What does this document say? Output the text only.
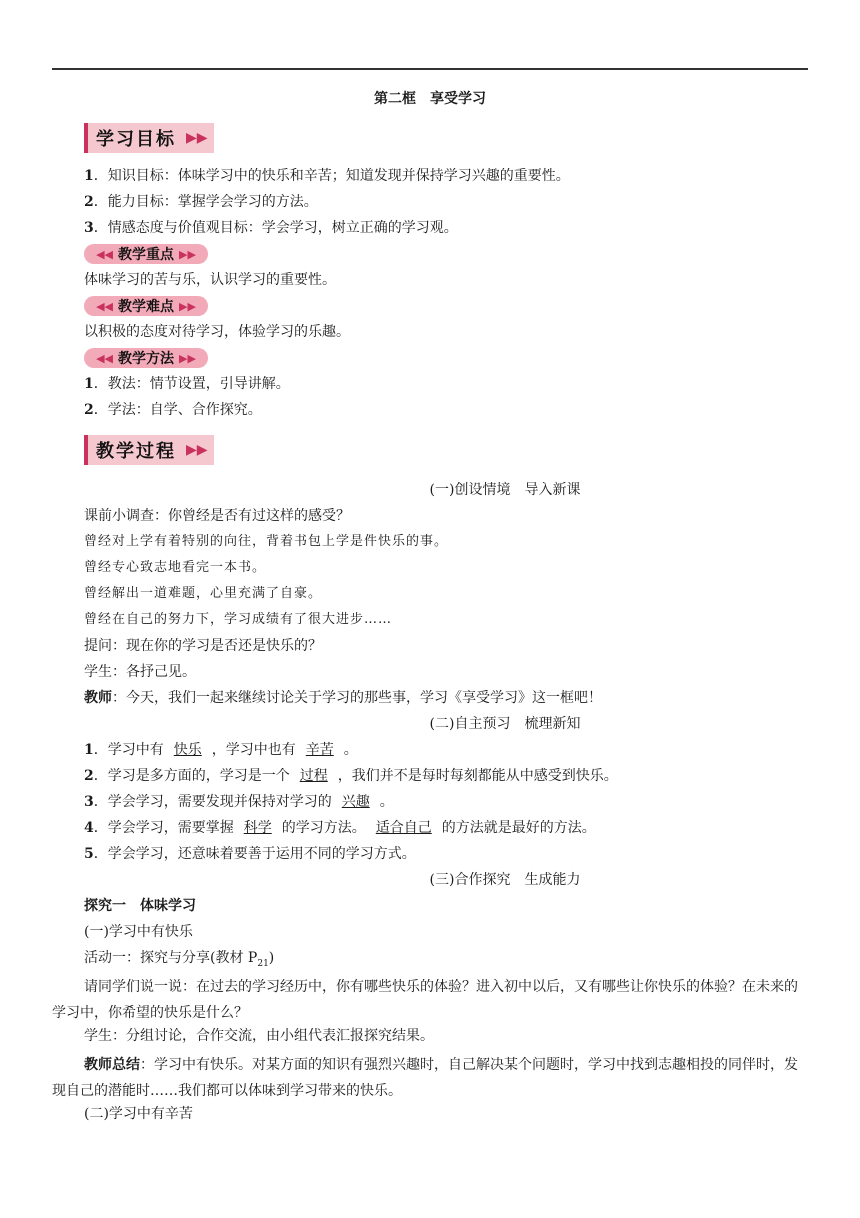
第二框　享受学习
学习目标 ▶▶
1．知识目标：体味学习中的快乐和辛苦；知道发现并保持学习兴趣的重要性。
2．能力目标：掌握学会学习的方法。
3．情感态度与价值观目标：学会学习，树立正确的学习观。
◀◀ 教学重点 ▶▶
体味学习的苦与乐，认识学习的重要性。
◀◀ 教学难点 ▶▶
以积极的态度对待学习，体验学习的乐趣。
◀◀ 教学方法 ▶▶
1．教法：情节设置，引导讲解。
2．学法：自学、合作探究。
教学过程 ▶▶
(一)创设情境　导入新课
课前小调查：你曾经是否有过这样的感受？
曾经对上学有着特别的向往，背着书包上学是件快乐的事。
曾经专心致志地看完一本书。
曾经解出一道难题，心里充满了自豪。
曾经在自己的努力下，学习成绩有了很大进步……
提问：现在你的学习是否还是快乐的？
学生：各抒己见。
教师：今天，我们一起来继续讨论关于学习的那些事，学习《享受学习》这一框吧！
(二)自主预习　梳理新知
1．学习中有 快乐 ，学习中也有 辛苦 。
2．学习是多方面的，学习是一个 过程 ，我们并不是每时每刻都能从中感受到快乐。
3．学会学习，需要发现并保持对学习的 兴趣 。
4．学会学习，需要掌握 科学 的学习方法。 适合自己 的方法就是最好的方法。
5．学会学习，还意味着要善于运用不同的学习方式。
(三)合作探究　生成能力
探究一　体味学习
(一)学习中有快乐
活动一：探究与分享(教材 $P_{21}$)
请同学们说一说：在过去的学习经历中，你有哪些快乐的体验？进入初中以后，又有哪些让你快乐的体验？在未来的学习中，你希望的快乐是什么？
学生：分组讨论，合作交流，由小组代表汇报探究结果。
教师总结：学习中有快乐。对某方面的知识有强烈兴趣时，自己解决某个问题时，学习中找到志趣相投的同伴时，发现自己的潜能时……我们都可以体味到学习带来的快乐。
(二)学习中有辛苦
